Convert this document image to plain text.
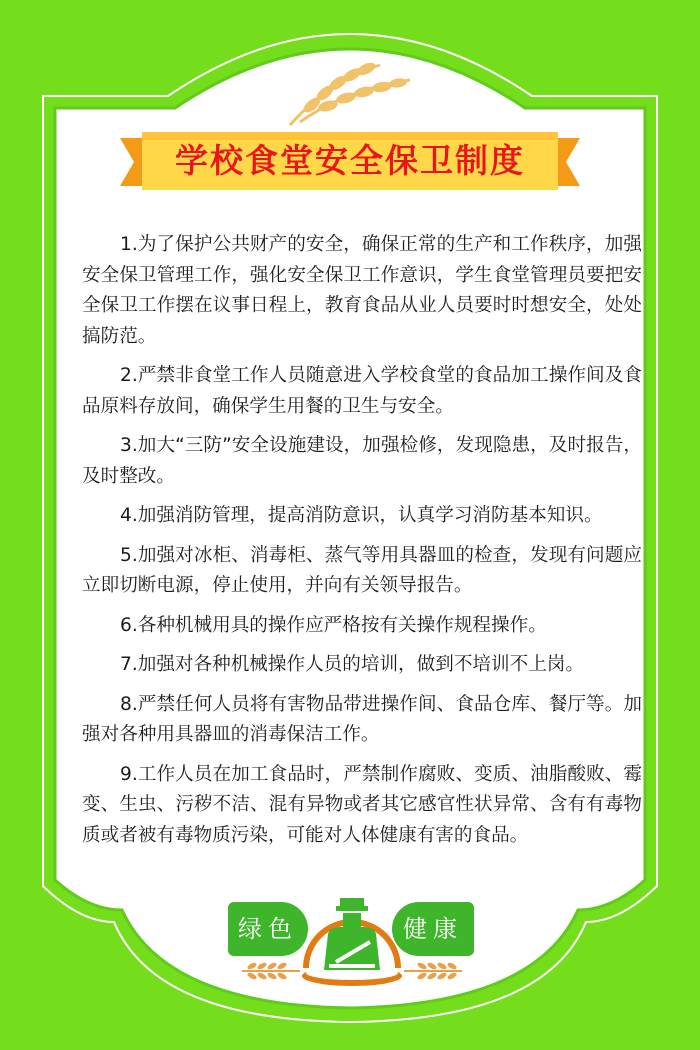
学校食堂安全保卫制度

1.为了保护公共财产的安全，确保正常的生产和工作秩序，加强安全保卫管理工作，强化安全保卫工作意识，学生食堂管理员要把安全保卫工作摆在议事日程上，教育食品从业人员要时时想安全，处处搞防范。

2.严禁非食堂工作人员随意进入学校食堂的食品加工操作间及食品原料存放间，确保学生用餐的卫生与安全。

3.加大“三防”安全设施建设，加强检修，发现隐患，及时报告，及时整改。

4.加强消防管理，提高消防意识，认真学习消防基本知识。

5.加强对冰柜、消毒柜、蒸气等用具器皿的检查，发现有问题应立即切断电源，停止使用，并向有关领导报告。

6.各种机械用具的操作应严格按有关操作规程操作。

7.加强对各种机械操作人员的培训，做到不培训不上岗。

8.严禁任何人员将有害物品带进操作间、食品仓库、餐厅等。加强对各种用具器皿的消毒保洁工作。

9.工作人员在加工食品时，严禁制作腐败、变质、油脂酸败、霉变、生虫、污秽不洁、混有异物或者其它感官性状异常、含有有毒物质或者被有毒物质污染，可能对人体健康有害的食品。

绿色	健康
